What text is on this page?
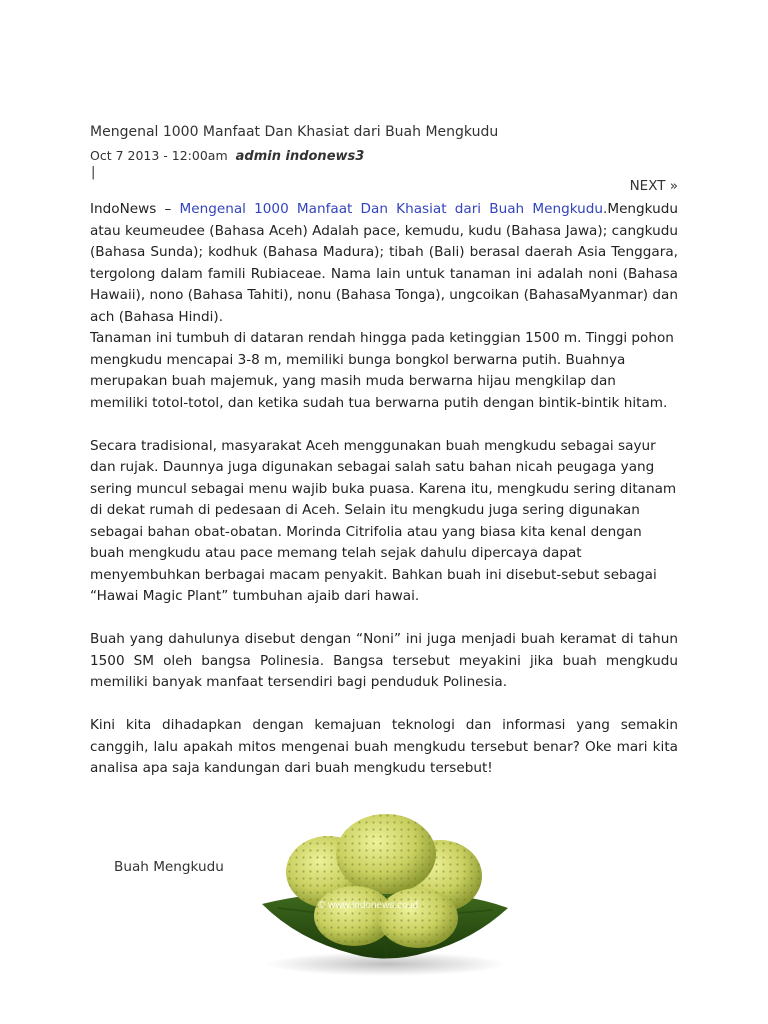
Mengenal 1000 Manfaat Dan Khasiat dari Buah Mengkudu
Oct 7 2013 - 12:00am admin indonews3
|
NEXT »

IndoNews – Mengenal 1000 Manfaat Dan Khasiat dari Buah Mengkudu.Mengkudu atau keumeudee (Bahasa Aceh) Adalah pace, kemudu, kudu (Bahasa Jawa); cangkudu (Bahasa Sunda); kodhuk (Bahasa Madura); tibah (Bali) berasal daerah Asia Tenggara, tergolong dalam famili Rubiaceae. Nama lain untuk tanaman ini adalah noni (Bahasa Hawaii), nono (Bahasa Tahiti), nonu (Bahasa Tonga), ungcoikan (BahasaMyanmar) dan ach (Bahasa Hindi).

Tanaman ini tumbuh di dataran rendah hingga pada ketinggian 1500 m. Tinggi pohon mengkudu mencapai 3-8 m, memiliki bunga bongkol berwarna putih. Buahnya merupakan buah majemuk, yang masih muda berwarna hijau mengkilap dan memiliki totol-totol, dan ketika sudah tua berwarna putih dengan bintik-bintik hitam.

Secara tradisional, masyarakat Aceh menggunakan buah mengkudu sebagai sayur dan rujak. Daunnya juga digunakan sebagai salah satu bahan nicah peugaga yang sering muncul sebagai menu wajib buka puasa. Karena itu, mengkudu sering ditanam di dekat rumah di pedesaan di Aceh. Selain itu mengkudu juga sering digunakan sebagai bahan obat-obatan. Morinda Citrifolia atau yang biasa kita kenal dengan buah mengkudu atau pace memang telah sejak dahulu dipercaya dapat menyembuhkan berbagai macam penyakit. Bahkan buah ini disebut-sebut sebagai “Hawai Magic Plant” tumbuhan ajaib dari hawai.

Buah yang dahulunya disebut dengan “Noni” ini juga menjadi buah keramat di tahun 1500 SM oleh bangsa Polinesia. Bangsa tersebut meyakini jika buah mengkudu memiliki banyak manfaat tersendiri bagi penduduk Polinesia.

Kini kita dihadapkan dengan kemajuan teknologi dan informasi yang semakin canggih, lalu apakah mitos mengenai buah mengkudu tersebut benar? Oke mari kita analisa apa saja kandungan dari buah mengkudu tersebut!

Buah Mengkudu
© www.indonews.co.id
